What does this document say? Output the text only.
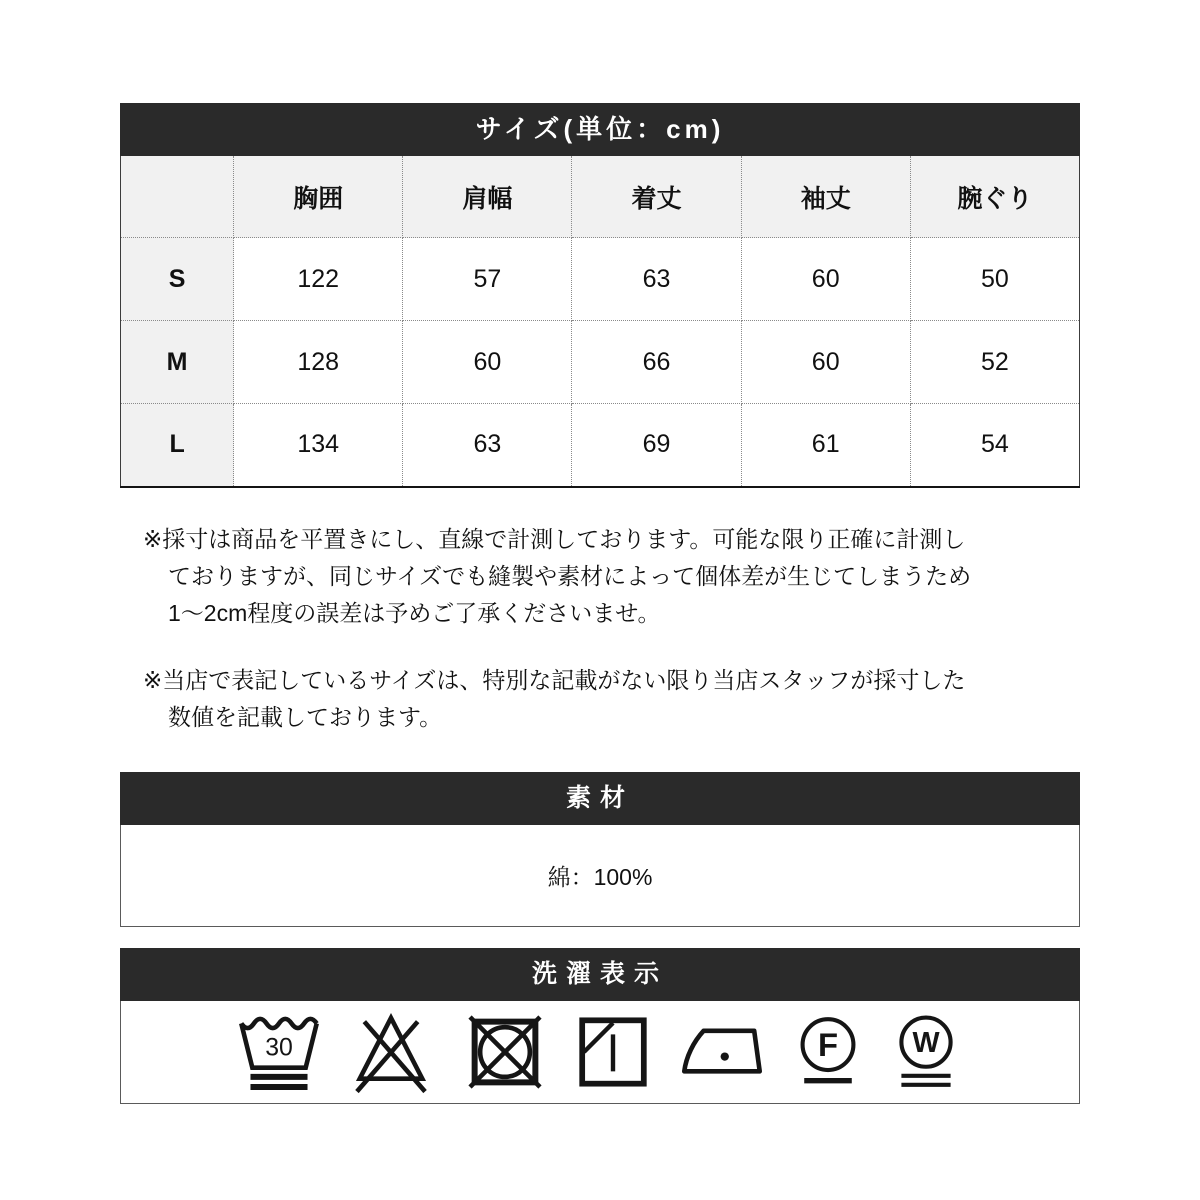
サイズ(単位：cm)
	胸囲	肩幅	着丈	袖丈	腕ぐり
S	122	57	63	60	50
M	128	60	66	60	52
L	134	63	69	61	54
※採寸は商品を平置きにし、直線で計測しております。可能な限り正確に計測し
ておりますが、同じサイズでも縫製や素材によって個体差が生じてしまうため
1〜2cm程度の誤差は予めご了承くださいませ。
※当店で表記しているサイズは、特別な記載がない限り当店スタッフが採寸した
数値を記載しております。
素材
綿：100%
洗濯表示
30	F W
